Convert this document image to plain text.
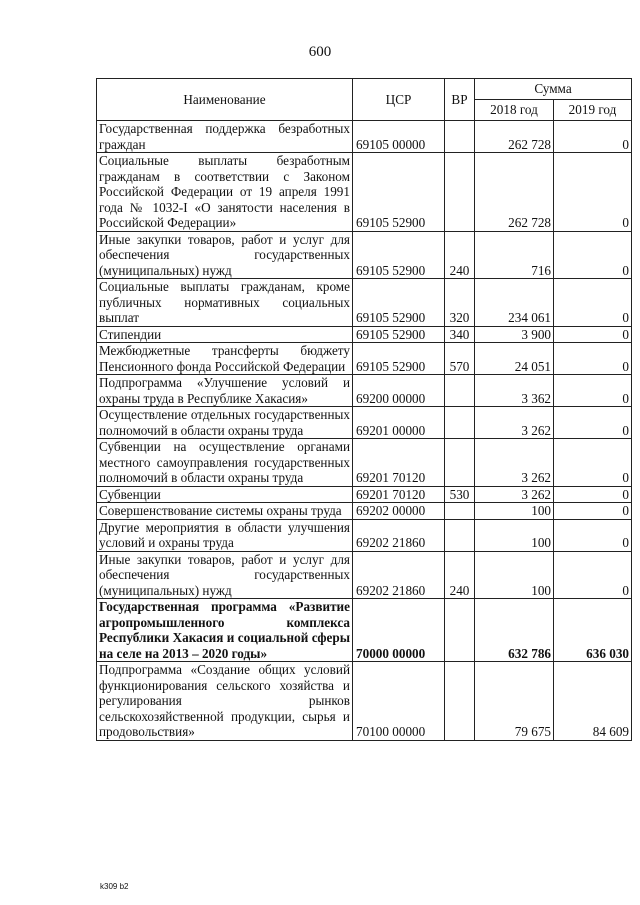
600
Наименование	ЦСР	ВР	Сумма	
			2018 год	2019 год
Государственная поддержка безработных граждан	69105 00000		262 728	0
Социальные выплаты безработным гражданам в соответствии с Законом Российской Федерации от 19 апреля 1991 года № 1032-I «О занятости населения в Российской Федерации»	69105 52900		262 728	0
Иные закупки товаров, работ и услуг для обеспечения государственных (муниципальных) нужд	69105 52900	240	716	0
Социальные выплаты гражданам, кроме публичных нормативных социальных выплат	69105 52900	320	234 061	0
Стипендии	69105 52900	340	3 900	0
Межбюджетные трансферты бюджету Пенсионного фонда Российской Федерации	69105 52900	570	24 051	0
Подпрограмма «Улучшение условий и охраны труда в Республике Хакасия»	69200 00000		3 362	0
Осуществление отдельных государственных полномочий в области охраны труда	69201 00000		3 262	0
Субвенции на осуществление органами местного самоуправления государственных полномочий в области охраны труда	69201 70120		3 262	0
Субвенции	69201 70120	530	3 262	0
Совершенствование системы охраны труда	69202 00000		100	0
Другие мероприятия в области улучшения условий и охраны труда	69202 21860		100	0
Иные закупки товаров, работ и услуг для обеспечения государственных (муниципальных) нужд	69202 21860	240	100	0
Государственная программа «Развитие агропромышленного комплекса Республики Хакасия и социальной сферы на селе на 2013 – 2020 годы»	70000 00000		632 786	636 030
Подпрограмма «Создание общих условий функционирования сельского хозяйства и регулирования рынков сельскохозяйственной продукции, сырья и продовольствия»	70100 00000		79 675	84 609
k309 b2
